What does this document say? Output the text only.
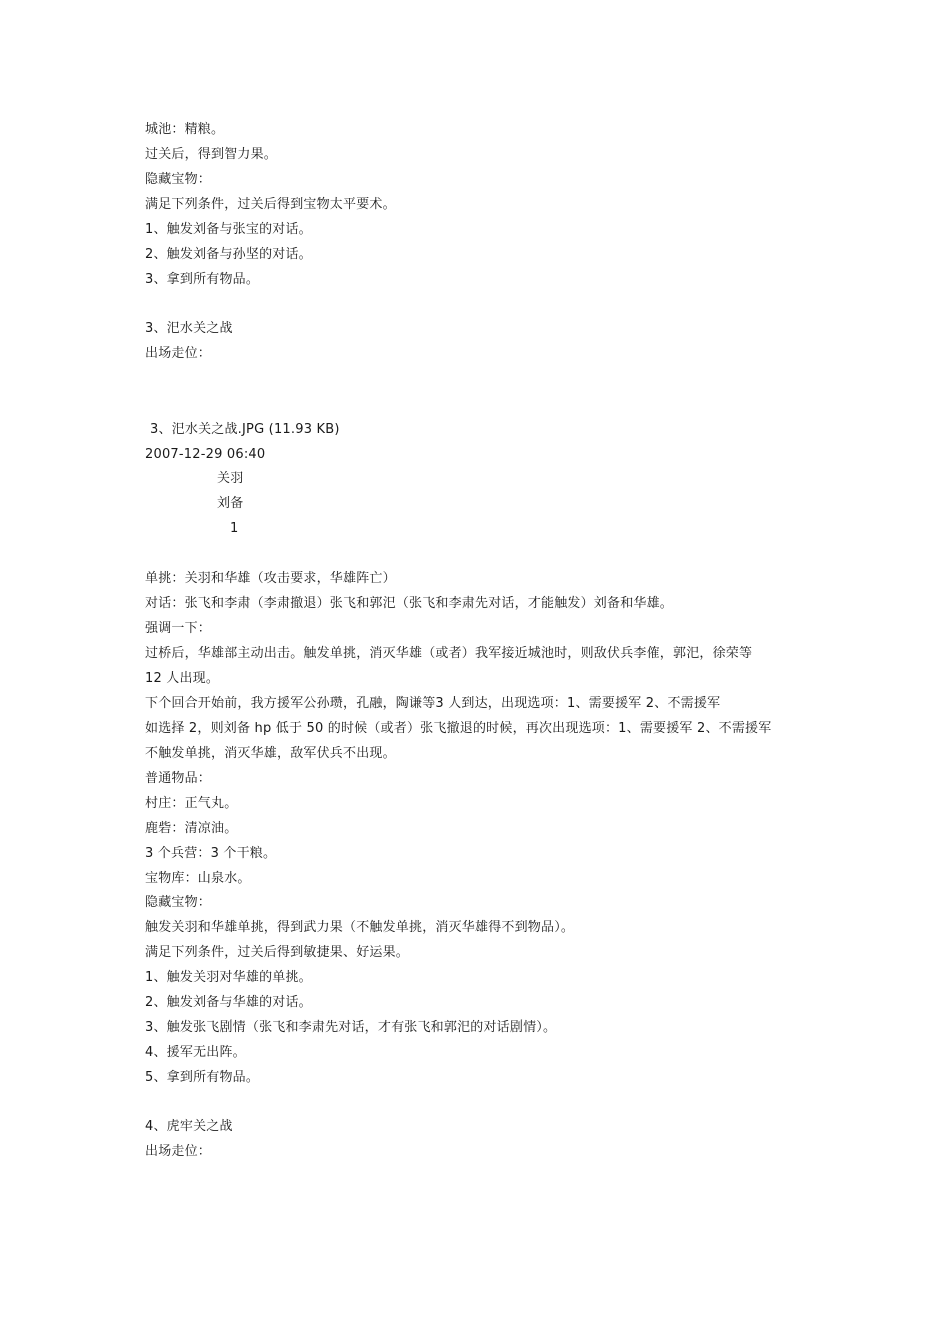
城池：精粮。
过关后，得到智力果。
隐藏宝物：
满足下列条件，过关后得到宝物太平要术。
1、触发刘备与张宝的对话。
2、触发刘备与孙坚的对话。
3、拿到所有物品。
3、汜水关之战
出场走位：
3、汜水关之战.JPG (11.93 KB)
2007-12-29 06:40
关羽
刘备
1
单挑：关羽和华雄（攻击要求，华雄阵亡）
对话：张飞和李肃（李肃撤退）张飞和郭汜（张飞和李肃先对话，才能触发）刘备和华雄。
强调一下：
过桥后，华雄部主动出击。触发单挑，消灭华雄（或者）我军接近城池时，则敌伏兵李傕，郭汜，徐荣等
12 人出现。
下个回合开始前，我方援军公孙瓒，孔融，陶谦等3 人到达，出现选项：1、需要援军 2、不需援军
如选择 2，则刘备 hp 低于 50 的时候（或者）张飞撤退的时候，再次出现选项：1、需要援军 2、不需援军
不触发单挑，消灭华雄，敌军伏兵不出现。
普通物品：
村庄：正气丸。
鹿砦：清凉油。
3 个兵营：3 个干粮。
宝物库：山泉水。
隐藏宝物：
触发关羽和华雄单挑，得到武力果（不触发单挑，消灭华雄得不到物品）。
满足下列条件，过关后得到敏捷果、好运果。
1、触发关羽对华雄的单挑。
2、触发刘备与华雄的对话。
3、触发张飞剧情（张飞和李肃先对话，才有张飞和郭汜的对话剧情）。
4、援军无出阵。
5、拿到所有物品。
4、虎牢关之战
出场走位：
